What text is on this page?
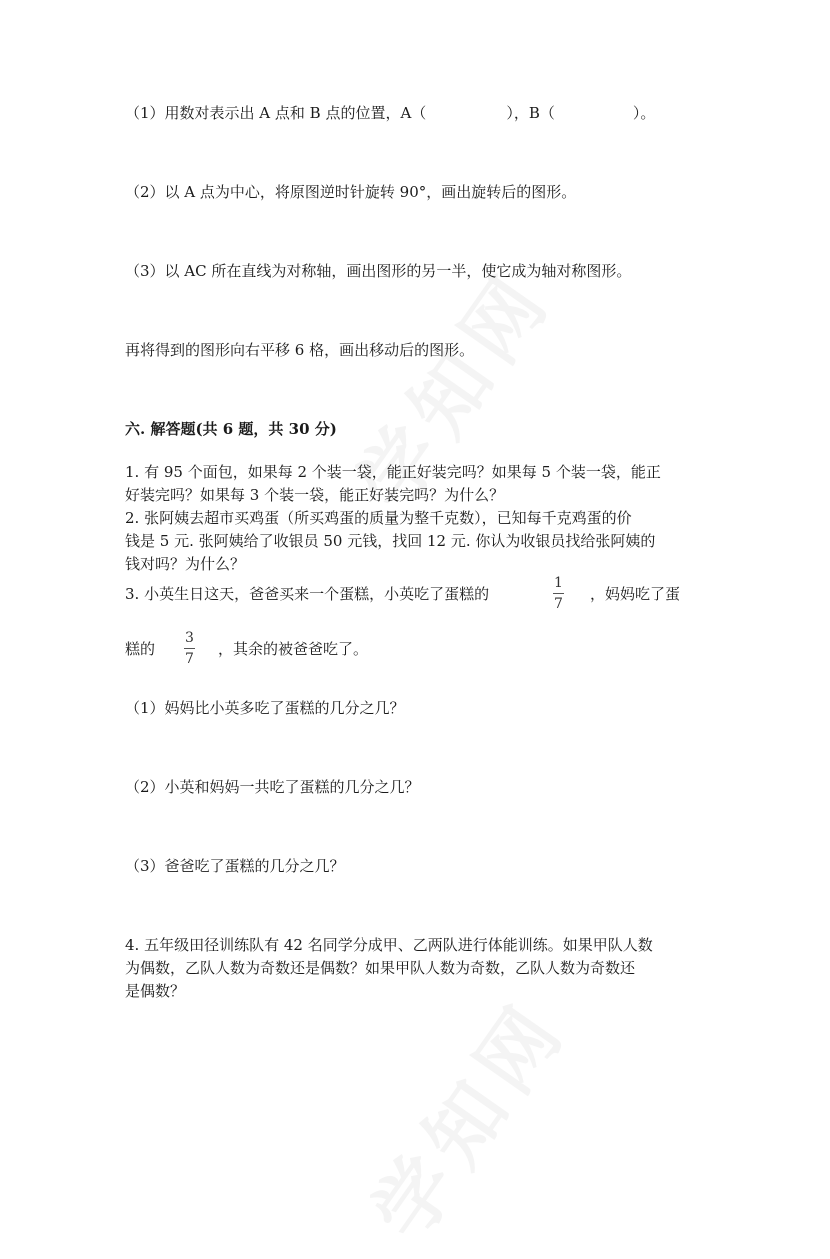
（1）用数对表示出 A 点和 B 点的位置，A（	），B（	）。
（2）以 A 点为中心，将原图逆时针旋转 90°，画出旋转后的图形。
（3）以 AC 所在直线为对称轴，画出图形的另一半，使它成为轴对称图形。
再将得到的图形向右平移 6 格，画出移动后的图形。
六. 解答题(共 6 题，共 30 分)
1. 有 95 个面包，如果每 2 个装一袋，能正好装完吗？如果每 5 个装一袋，能正
好装完吗？如果每 3 个装一袋，能正好装完吗？为什么？
2. 张阿姨去超市买鸡蛋（所买鸡蛋的质量为整千克数），已知每千克鸡蛋的价
钱是 5 元. 张阿姨给了收银员 50 元钱，找回 12 元. 你认为收银员找给张阿姨的
钱对吗？为什么？
3. 小英生日这天，爸爸买来一个蛋糕，小英吃了蛋糕的
1
7
，妈妈吃了蛋
糕的
3
7
，其余的被爸爸吃了。
（1）妈妈比小英多吃了蛋糕的几分之几？
（2）小英和妈妈一共吃了蛋糕的几分之几？
（3）爸爸吃了蛋糕的几分之几？
4. 五年级田径训练队有 42 名同学分成甲、乙两队进行体能训练。如果甲队人数
为偶数，乙队人数为奇数还是偶数？如果甲队人数为奇数，乙队人数为奇数还
是偶数？
